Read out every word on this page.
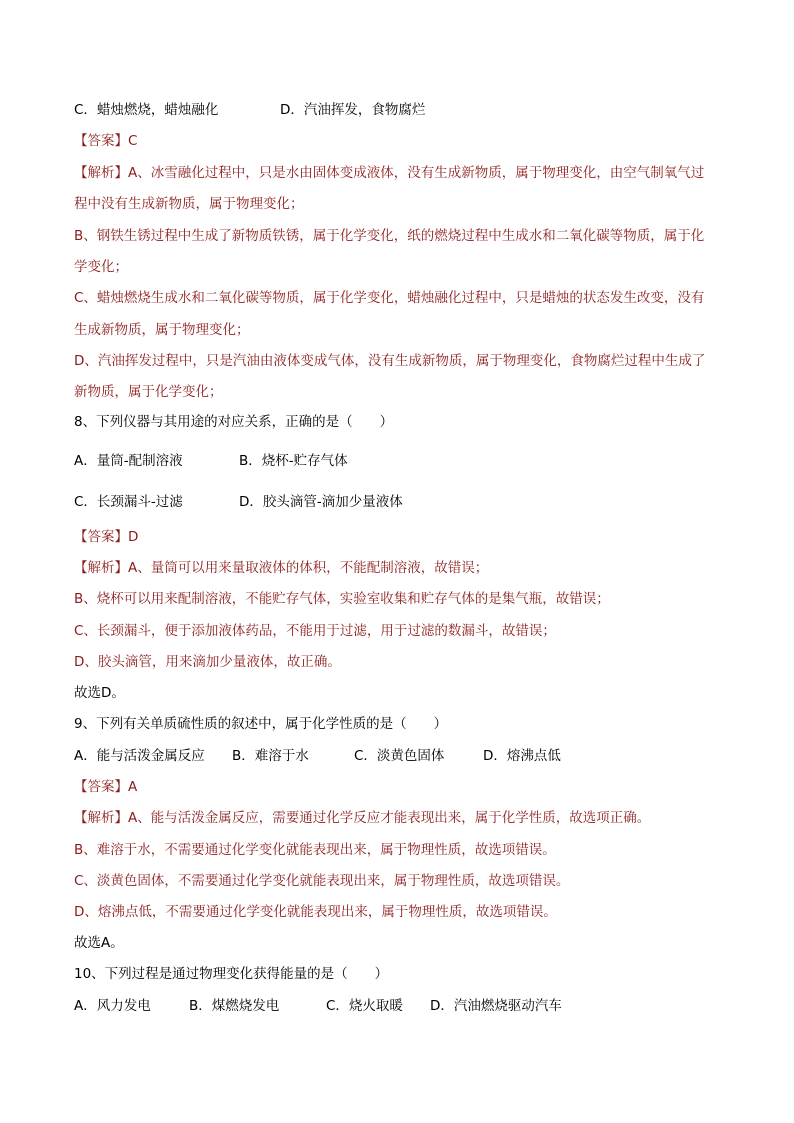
C．蜡烛燃烧，蜡烛融化	D．汽油挥发，食物腐烂
【答案】C
【解析】A、冰雪融化过程中，只是水由固体变成液体，没有生成新物质，属于物理变化，由空气制氧气过
程中没有生成新物质，属于物理变化；
B、钢铁生锈过程中生成了新物质铁锈，属于化学变化，纸的燃烧过程中生成水和二氧化碳等物质，属于化
学变化；
C、蜡烛燃烧生成水和二氧化碳等物质，属于化学变化，蜡烛融化过程中，只是蜡烛的状态发生改变，没有
生成新物质，属于物理变化；
D、汽油挥发过程中，只是汽油由液体变成气体，没有生成新物质，属于物理变化，食物腐烂过程中生成了
新物质，属于化学变化；
8、下列仪器与其用途的对应关系，正确的是（　　）
A．量筒-配制溶液	B．烧杯-贮存气体
C．长颈漏斗-过滤	D．胶头滴管-滴加少量液体
【答案】D
【解析】A、量筒可以用来量取液体的体积，不能配制溶液，故错误；
B、烧杯可以用来配制溶液，不能贮存气体，实验室收集和贮存气体的是集气瓶，故错误；
C、长颈漏斗，便于添加液体药品，不能用于过滤，用于过滤的数漏斗，故错误；
D、胶头滴管，用来滴加少量液体，故正确。
故选D。
9、下列有关单质硫性质的叙述中，属于化学性质的是（　　）
A．能与活泼金属反应 B．难溶于水	C．淡黄色固体	D．熔沸点低
【答案】A
【解析】A、能与活泼金属反应，需要通过化学反应才能表现出来，属于化学性质，故选项正确。
B、难溶于水，不需要通过化学变化就能表现出来，属于物理性质，故选项错误。
C、淡黄色固体，不需要通过化学变化就能表现出来，属于物理性质，故选项错误。
D、熔沸点低，不需要通过化学变化就能表现出来，属于物理性质，故选项错误。
故选A。
10、下列过程是通过物理变化获得能量的是（　　）
A．风力发电	B．煤燃烧发电	C．烧火取暖 D．汽油燃烧驱动汽车
